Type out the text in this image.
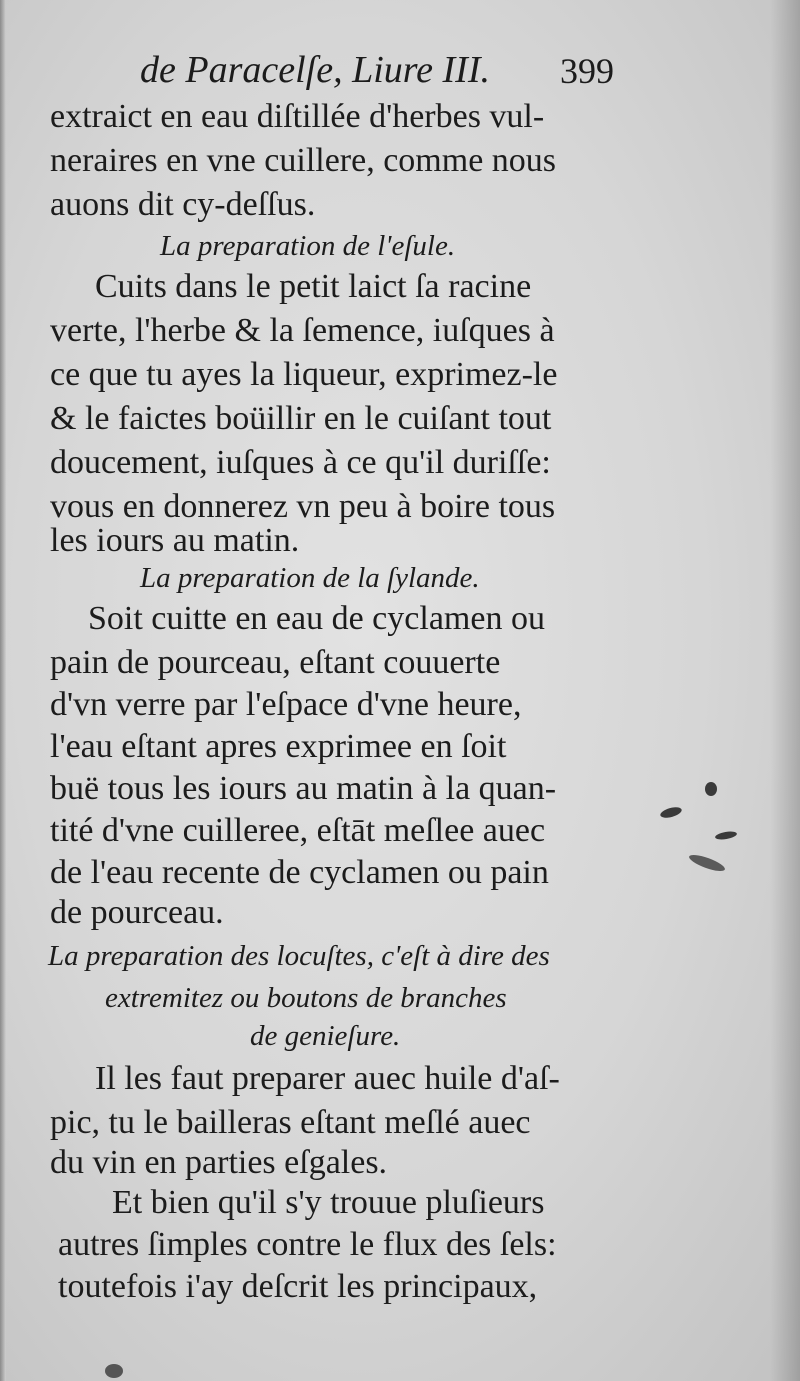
de Paracelſe, Liure III. 399
extraict en eau diſtillée d'herbes vul-
neraires en vne cuillere, comme nous
auons dit cy-deſſus.
La preparation de l'eſule.
Cuits dans le petit laict ſa racine
verte, l'herbe & la ſemence, iuſques à
ce que tu ayes la liqueur, exprimez-le
& le faictes boüillir en le cuiſant tout
doucement, iuſques à ce qu'il duriſſe:
vous en donnerez vn peu à boire tous
les iours au matin.
La preparation de la ſylande.
Soit cuitte en eau de cyclamen ou
pain de pourceau, eſtant couuerte
d'vn verre par l'eſpace d'vne heure,
l'eau eſtant apres exprimee en ſoit
buë tous les iours au matin à la quan-
tité d'vne cuilleree, eſtāt meſlee auec
de l'eau recente de cyclamen ou pain
de pourceau.
La preparation des locuſtes, c'eſt à dire des
extremitez ou boutons de branches
de genieſure.
Il les faut preparer auec huile d'aſ-
pic, tu le bailleras eſtant meſlé auec
du vin en parties eſgales.
Et bien qu'il s'y trouue pluſieurs
autres ſimples contre le flux des ſels:
toutefois i'ay deſcrit les principaux,
